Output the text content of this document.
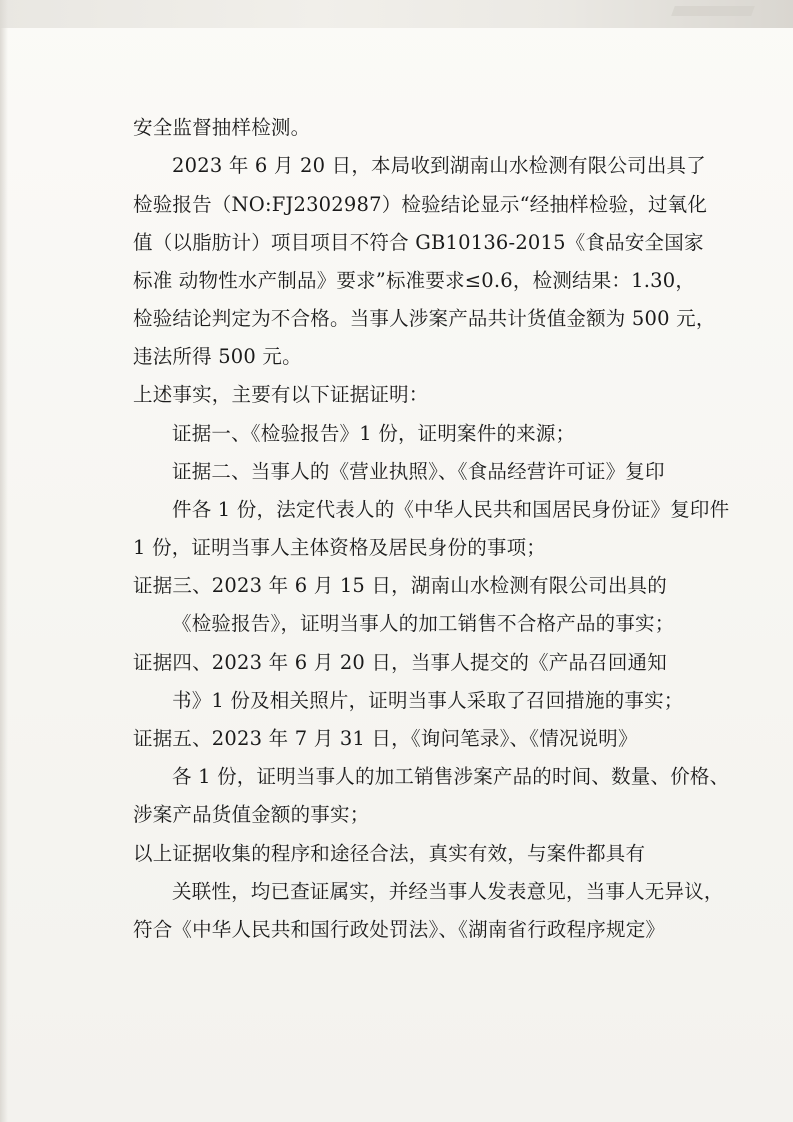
安全监督抽样检测。
2023 年 6 月 20 日，本局收到湖南山水检测有限公司出具了
检验报告（NO:FJ2302987）检验结论显示“经抽样检验，过氧化
值（以脂肪计）项目项目不符合 GB10136-2015《食品安全国家
标准 动物性水产制品》要求”标准要求≤0.6，检测结果：1.30，
检验结论判定为不合格。当事人涉案产品共计货值金额为 500 元，
违法所得 500 元。
上述事实，主要有以下证据证明：
证据一、《检验报告》1 份，证明案件的来源；
证据二、当事人的《营业执照》、《食品经营许可证》复印
件各 1 份，法定代表人的《中华人民共和国居民身份证》复印件
1 份，证明当事人主体资格及居民身份的事项；
证据三、2023 年 6 月 15 日，湖南山水检测有限公司出具的
《检验报告》，证明当事人的加工销售不合格产品的事实；
证据四、2023 年 6 月 20 日，当事人提交的《产品召回通知
书》1 份及相关照片，证明当事人采取了召回措施的事实；
证据五、2023 年 7 月 31 日，《询问笔录》、《情况说明》
各 1 份，证明当事人的加工销售涉案产品的时间、数量、价格、
涉案产品货值金额的事实；
以上证据收集的程序和途径合法，真实有效，与案件都具有
关联性，均已查证属实，并经当事人发表意见，当事人无异议，
符合《中华人民共和国行政处罚法》、《湖南省行政程序规定》
